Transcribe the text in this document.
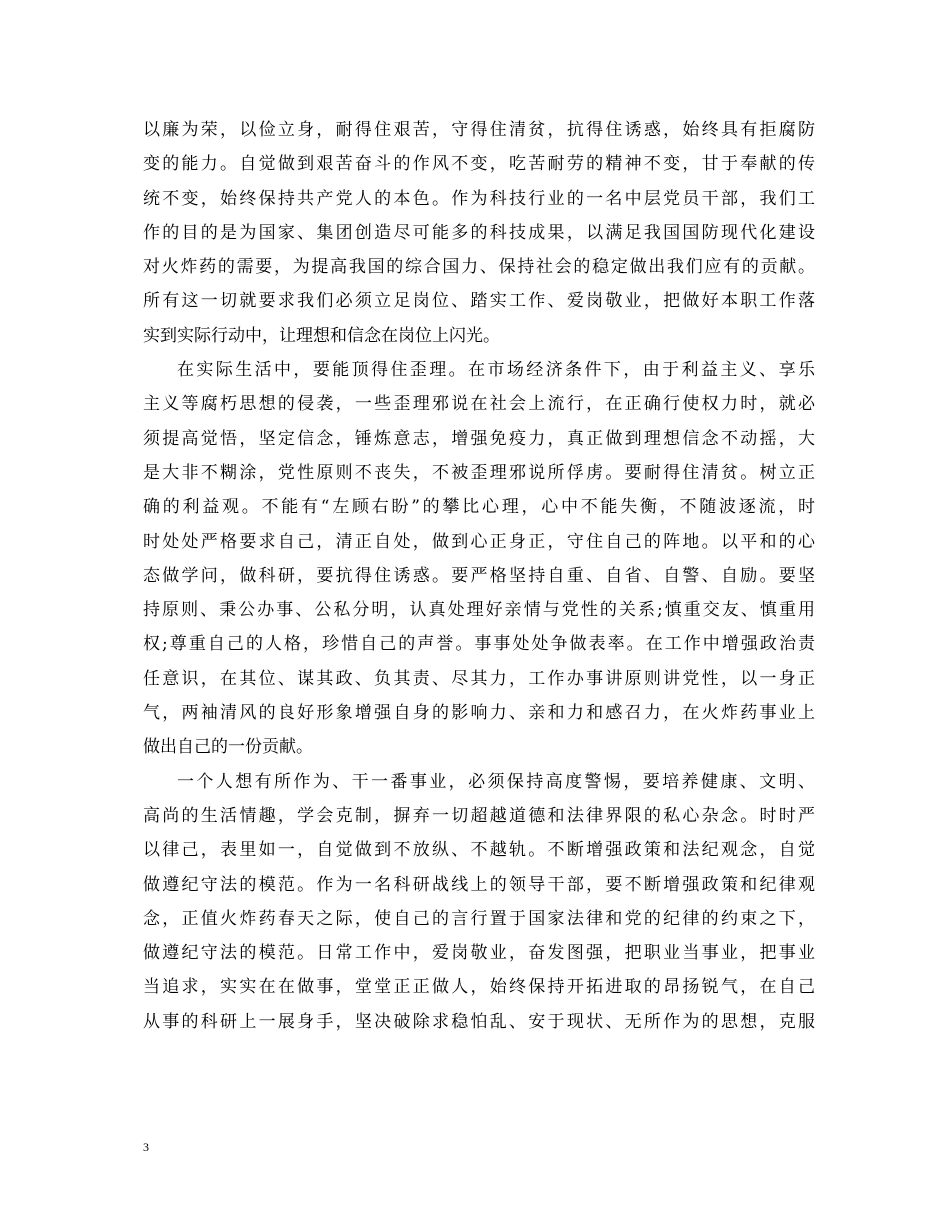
以廉为荣，以俭立身，耐得住艰苦，守得住清贫，抗得住诱惑，始终具有拒腐防
变的能力。自觉做到艰苦奋斗的作风不变，吃苦耐劳的精神不变，甘于奉献的传
统不变，始终保持共产党人的本色。作为科技行业的一名中层党员干部，我们工
作的目的是为国家、集团创造尽可能多的科技成果，以满足我国国防现代化建设
对火炸药的需要，为提高我国的综合国力、保持社会的稳定做出我们应有的贡献。
所有这一切就要求我们必须立足岗位、踏实工作、爱岗敬业，把做好本职工作落
实到实际行动中，让理想和信念在岗位上闪光。
在实际生活中，要能顶得住歪理。在市场经济条件下，由于利益主义、享乐
主义等腐朽思想的侵袭，一些歪理邪说在社会上流行，在正确行使权力时，就必
须提高觉悟，坚定信念，锤炼意志，增强免疫力，真正做到理想信念不动摇，大
是大非不糊涂，党性原则不丧失，不被歪理邪说所俘虏。要耐得住清贫。树立正
确的利益观。不能有“左顾右盼”的攀比心理，心中不能失衡，不随波逐流，时
时处处严格要求自己，清正自处，做到心正身正，守住自己的阵地。以平和的心
态做学问，做科研，要抗得住诱惑。要严格坚持自重、自省、自警、自励。要坚
持原则、秉公办事、公私分明，认真处理好亲情与党性的关系;慎重交友、慎重用
权;尊重自己的人格，珍惜自己的声誉。事事处处争做表率。在工作中增强政治责
任意识，在其位、谋其政、负其责、尽其力，工作办事讲原则讲党性，以一身正
气，两袖清风的良好形象增强自身的影响力、亲和力和感召力，在火炸药事业上
做出自己的一份贡献。
一个人想有所作为、干一番事业，必须保持高度警惕，要培养健康、文明、
高尚的生活情趣，学会克制，摒弃一切超越道德和法律界限的私心杂念。时时严
以律己，表里如一，自觉做到不放纵、不越轨。不断增强政策和法纪观念，自觉
做遵纪守法的模范。作为一名科研战线上的领导干部，要不断增强政策和纪律观
念，正值火炸药春天之际，使自己的言行置于国家法律和党的纪律的约束之下，
做遵纪守法的模范。日常工作中，爱岗敬业，奋发图强，把职业当事业，把事业
当追求，实实在在做事，堂堂正正做人，始终保持开拓进取的昂扬锐气，在自己
从事的科研上一展身手，坚决破除求稳怕乱、安于现状、无所作为的思想，克服
3
